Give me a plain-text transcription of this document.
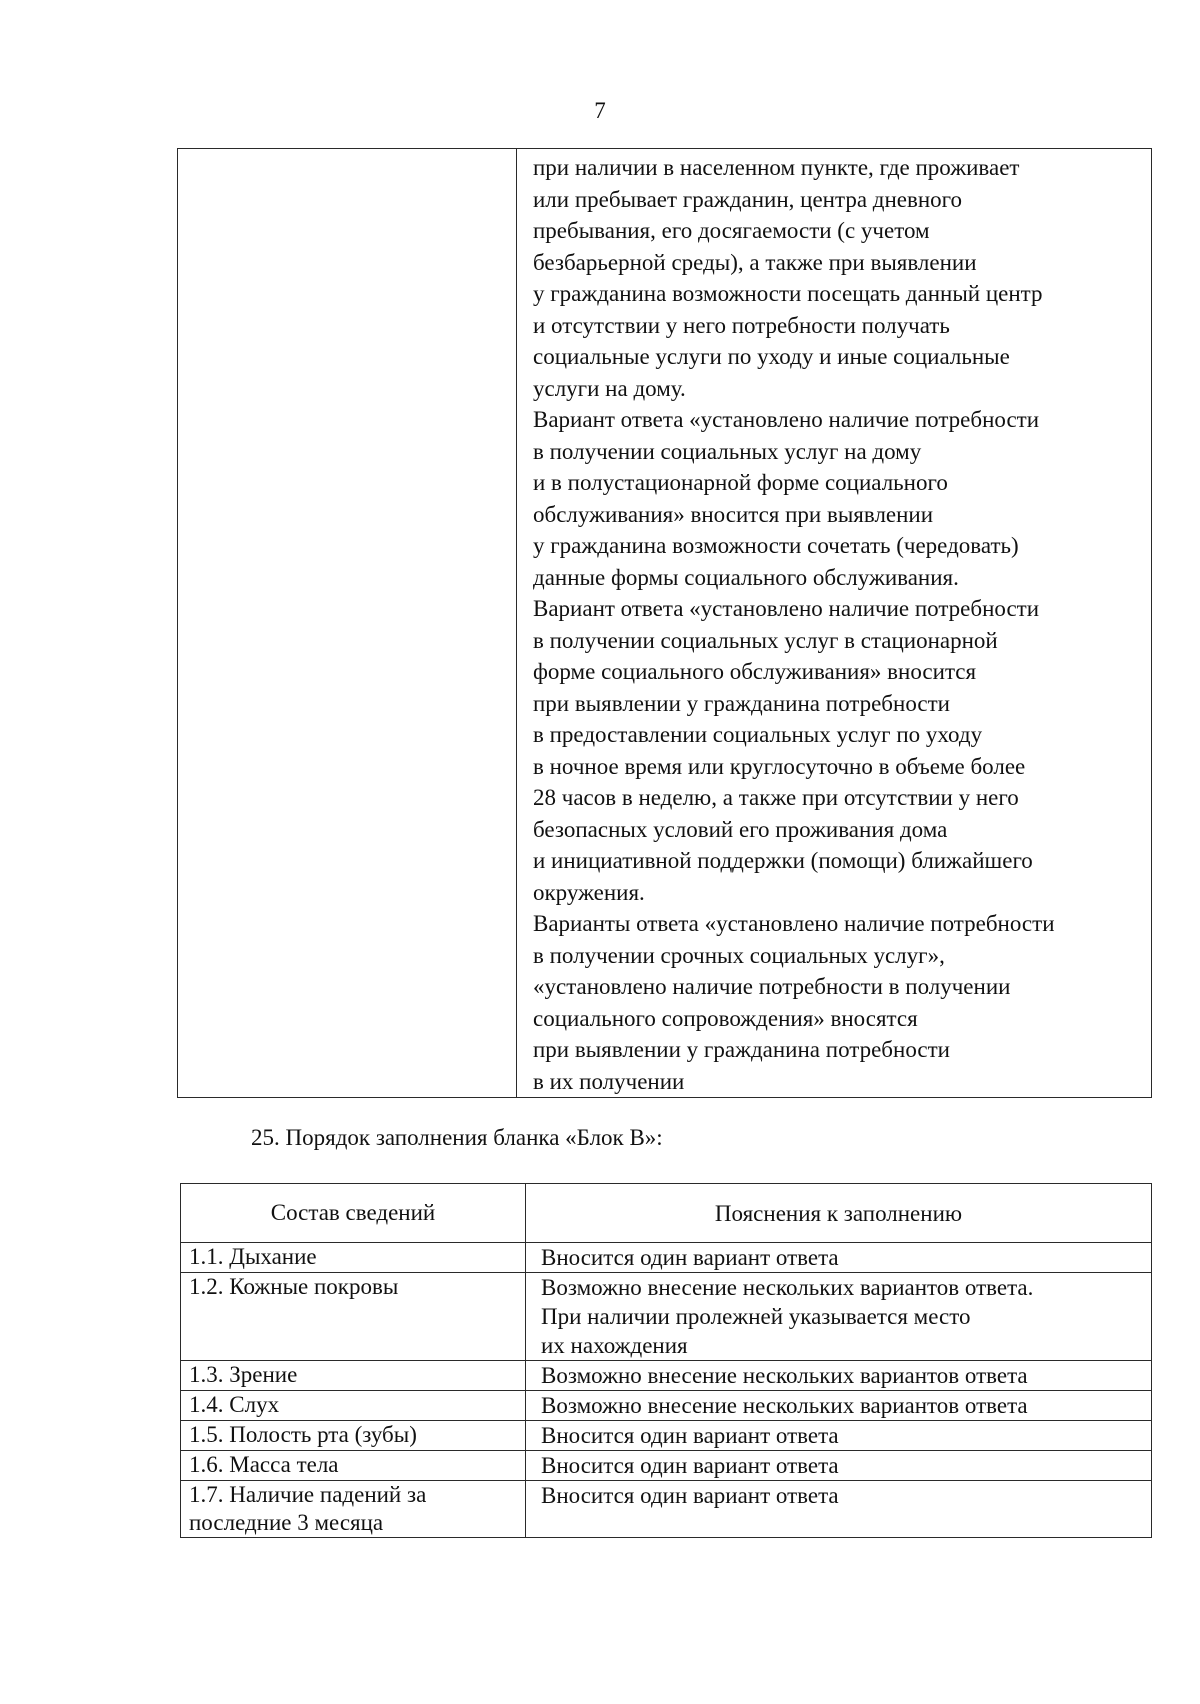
7

при наличии в населенном пункте, где проживает
или пребывает гражданин, центра дневного
пребывания, его досягаемости (с учетом
безбарьерной среды), а также при выявлении
у гражданина возможности посещать данный центр
и отсутствии у него потребности получать
социальные услуги по уходу и иные социальные
услуги на дому.

Вариант ответа «установлено наличие потребности
в получении социальных услуг на дому
и в полустационарной форме социального
обслуживания» вносится при выявлении
у гражданина возможности сочетать (чередовать)
данные формы социального обслуживания.

Вариант ответа «установлено наличие потребности
в получении социальных услуг в стационарной
форме социального обслуживания» вносится
при выявлении у гражданина потребности
в предоставлении социальных услуг по уходу
в ночное время или круглосуточно в объеме более
28 часов в неделю, а также при отсутствии у него
безопасных условий его проживания дома
и инициативной поддержки (помощи) ближайшего
окружения.

Варианты ответа «установлено наличие потребности
в получении срочных социальных услуг»,
«установлено наличие потребности в получении
социального сопровождения» вносятся
при выявлении у гражданина потребности
в их получении

25. Порядок заполнения бланка «Блок В»:

Состав сведений	Пояснения к заполнению
1.1. Дыхание	Вносится один вариант ответа
1.2. Кожные покровы	Возможно внесение нескольких вариантов ответа.
При наличии пролежней указывается место
их нахождения
1.3. Зрение	Возможно внесение нескольких вариантов ответа
1.4. Слух	Возможно внесение нескольких вариантов ответа
1.5. Полость рта (зубы)	Вносится один вариант ответа
1.6. Масса тела	Вносится один вариант ответа
1.7. Наличие падений за
последние 3 месяца	Вносится один вариант ответа
